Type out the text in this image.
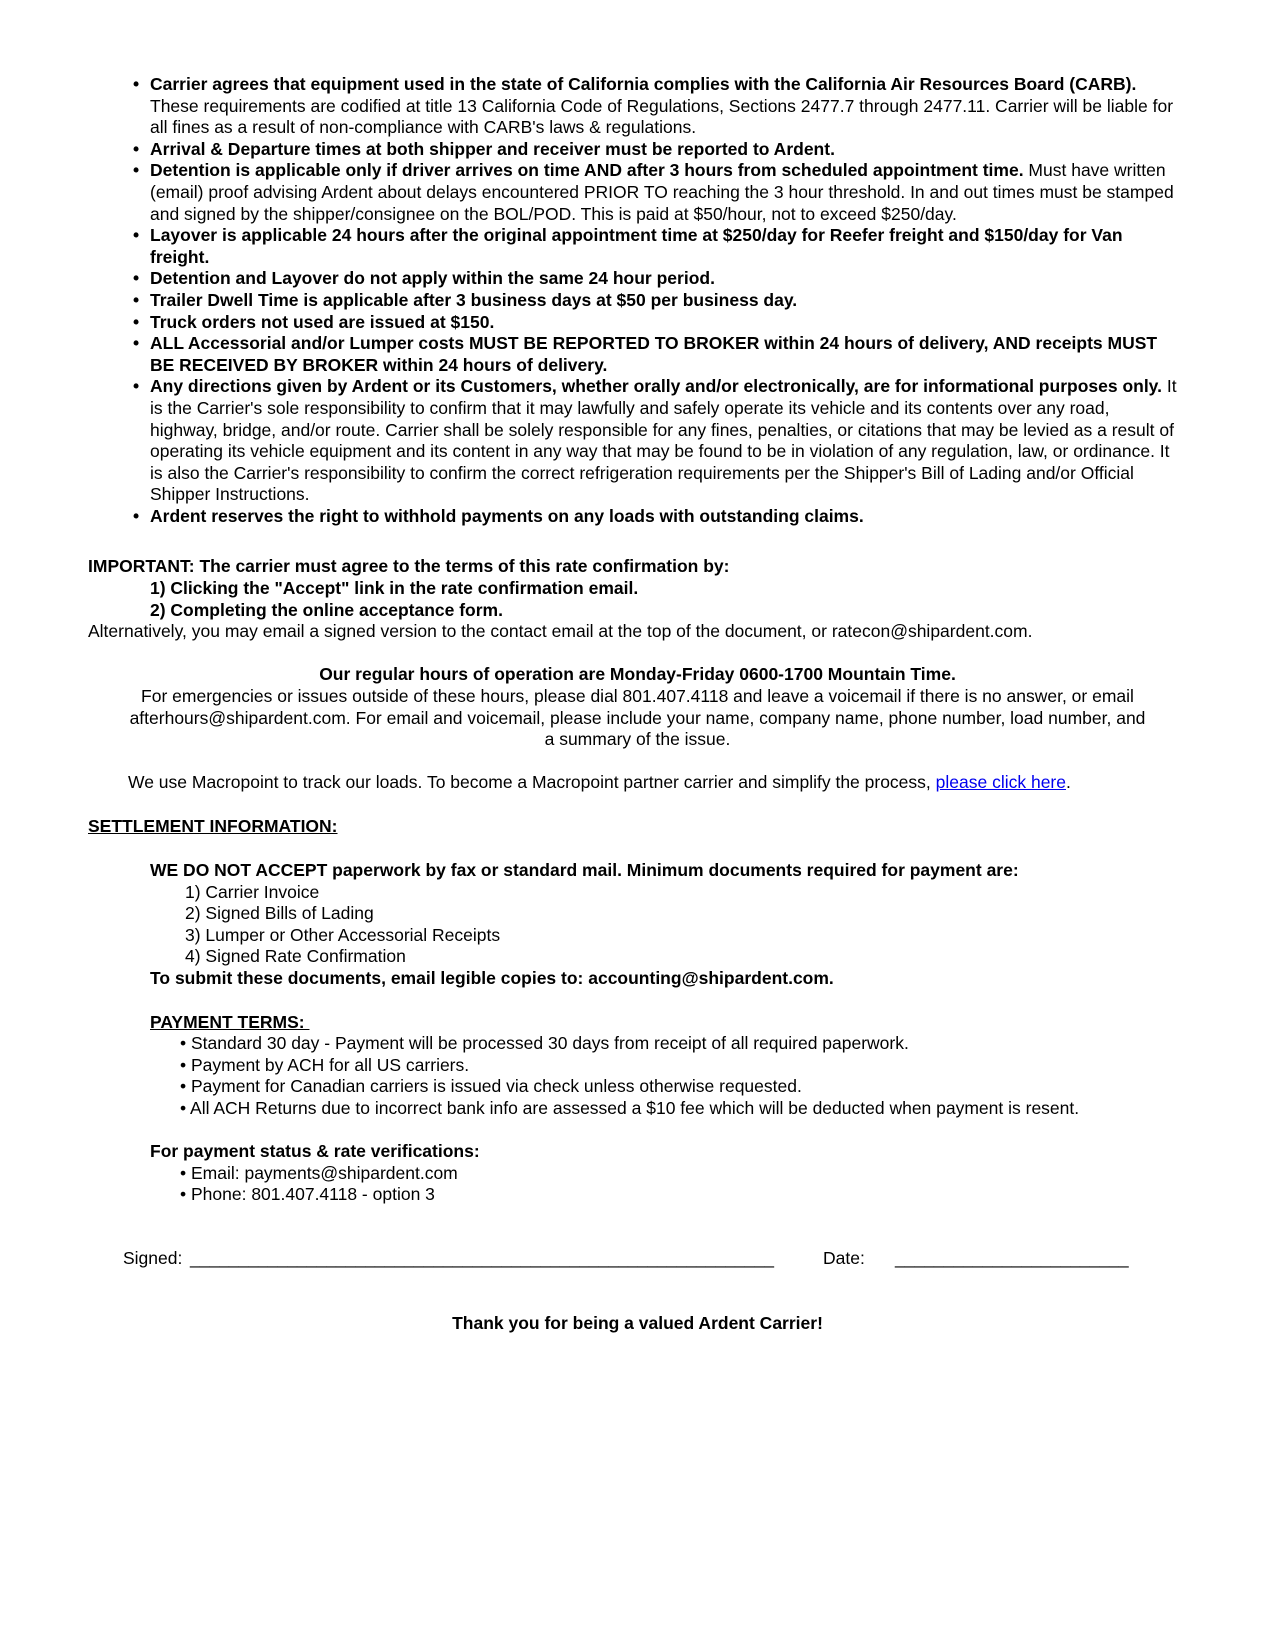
• Carrier agrees that equipment used in the state of California complies with the California Air Resources Board (CARB). These requirements are codified at title 13 California Code of Regulations, Sections 2477.7 through 2477.11. Carrier will be liable for all fines as a result of non-compliance with CARB's laws & regulations.
• Arrival & Departure times at both shipper and receiver must be reported to Ardent.
• Detention is applicable only if driver arrives on time AND after 3 hours from scheduled appointment time. Must have written (email) proof advising Ardent about delays encountered PRIOR TO reaching the 3 hour threshold. In and out times must be stamped and signed by the shipper/consignee on the BOL/POD. This is paid at $50/hour, not to exceed $250/day.
• Layover is applicable 24 hours after the original appointment time at $250/day for Reefer freight and $150/day for Van freight.
• Detention and Layover do not apply within the same 24 hour period.
• Trailer Dwell Time is applicable after 3 business days at $50 per business day.
• Truck orders not used are issued at $150.
• ALL Accessorial and/or Lumper costs MUST BE REPORTED TO BROKER within 24 hours of delivery, AND receipts MUST BE RECEIVED BY BROKER within 24 hours of delivery.
• Any directions given by Ardent or its Customers, whether orally and/or electronically, are for informational purposes only. It is the Carrier's sole responsibility to confirm that it may lawfully and safely operate its vehicle and its contents over any road, highway, bridge, and/or route. Carrier shall be solely responsible for any fines, penalties, or citations that may be levied as a result of operating its vehicle equipment and its content in any way that may be found to be in violation of any regulation, law, or ordinance. It is also the Carrier's responsibility to confirm the correct refrigeration requirements per the Shipper's Bill of Lading and/or Official Shipper Instructions.
• Ardent reserves the right to withhold payments on any loads with outstanding claims.
IMPORTANT: The carrier must agree to the terms of this rate confirmation by:
1) Clicking the "Accept" link in the rate confirmation email.
2) Completing the online acceptance form.
Alternatively, you may email a signed version to the contact email at the top of the document, or ratecon@shipardent.com.
Our regular hours of operation are Monday-Friday 0600-1700 Mountain Time.
For emergencies or issues outside of these hours, please dial 801.407.4118 and leave a voicemail if there is no answer, or email
afterhours@shipardent.com. For email and voicemail, please include your name, company name, phone number, load number, and
a summary of the issue.
We use Macropoint to track our loads. To become a Macropoint partner carrier and simplify the process, please click here.
SETTLEMENT INFORMATION:
WE DO NOT ACCEPT paperwork by fax or standard mail. Minimum documents required for payment are:
1) Carrier Invoice
2) Signed Bills of Lading
3) Lumper or Other Accessorial Receipts
4) Signed Rate Confirmation
To submit these documents, email legible copies to: accounting@shipardent.com.
PAYMENT TERMS:
• Standard 30 day - Payment will be processed 30 days from receipt of all required paperwork.
• Payment by ACH for all US carriers.
• Payment for Canadian carriers is issued via check unless otherwise requested.
• All ACH Returns due to incorrect bank info are assessed a $10 fee which will be deducted when payment is resent.
For payment status & rate verifications:
• Email: payments@shipardent.com
• Phone: 801.407.4118 - option 3
Signed: ____________________________________________________________	Date: ________________________
Thank you for being a valued Ardent Carrier!
